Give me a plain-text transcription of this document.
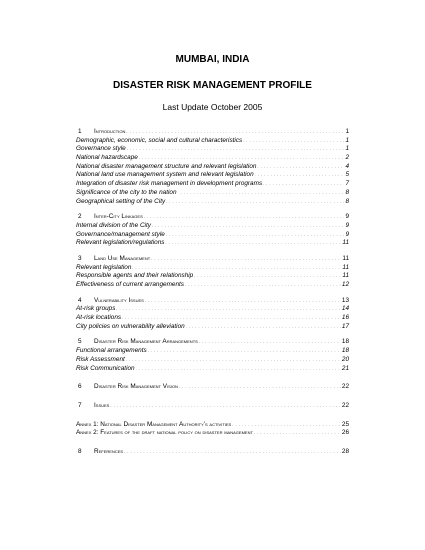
MUMBAI, INDIA
DISASTER RISK MANAGEMENT PROFILE
Last Update October 2005
1	Introduction . . .	1
Demographic, economic, social and cultural characteristics . . .	1
Governance style . . .	1
National hazardscape . . .	2
National disaster management structure and relevant legislation . . .	4
National land use management system and relevant legislation . . .	5
Integration of disaster risk management in development programs . . .	7
Significance of the city to the nation . . .	8
Geographical setting of the City . . .	8
2	Inter-City Linkages . . .	9
Internal division of the City . . .	9
Governance/management style . . .	9
Relevant legislation/regulations . . .	11
3	Land Use Management . . .	11
Relevant legislation . . .	11
Responsible agents and their relationship . . .	11
Effectiveness of current arrangements . . .	12
4	Vulnerability Issues . . .	13
At-risk groups . . .	14
At-risk locations . . .	16
City policies on vulnerability alleviation . . .	17
5	Disaster Risk Management Arrangements . . .	18
Functional arrangements . . .	18
Risk Assessment . . .	20
Risk Communication . . .	21
6	Disaster Risk Management Vision . . .	22
7	Issues . . .	22
Annex 1: National Disaster Management Authority's activities . . .	25
Annex 2: Features of the draft national policy on disaster management . . .	26
8	References . . .	28
